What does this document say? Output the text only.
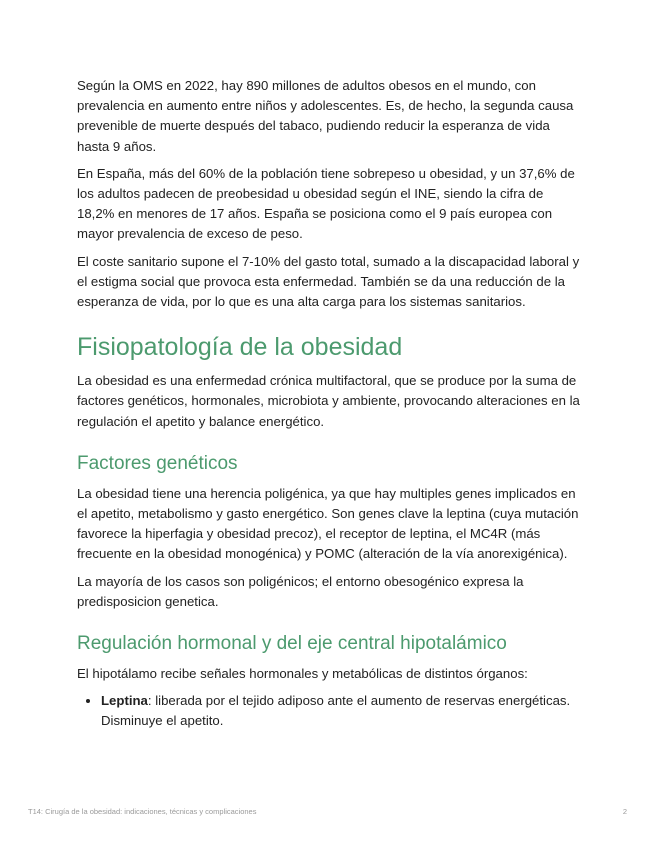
Según la OMS en 2022, hay 890 millones de adultos obesos en el mundo, con prevalencia en aumento entre niños y adolescentes. Es, de hecho, la segunda causa prevenible de muerte después del tabaco, pudiendo reducir la esperanza de vida hasta 9 años.

En España, más del 60% de la población tiene sobrepeso u obesidad, y un 37,6% de los adultos padecen de preobesidad u obesidad según el INE, siendo la cifra de 18,2% en menores de 17 años. España se posiciona como el 9 país europea con mayor prevalencia de exceso de peso.

El coste sanitario supone el 7-10% del gasto total, sumado a la discapacidad laboral y el estigma social que provoca esta enfermedad. También se da una reducción de la esperanza de vida, por lo que es una alta carga para los sistemas sanitarios.

Fisiopatología de la obesidad

La obesidad es una enfermedad crónica multifactoral, que se produce por la suma de factores genéticos, hormonales, microbiota y ambiente, provocando alteraciones en la regulación el apetito y balance energético.

Factores genéticos

La obesidad tiene una herencia poligénica, ya que hay multiples genes implicados en el apetito, metabolismo y gasto energético. Son genes clave la leptina (cuya mutación favorece la hiperfagia y obesidad precoz), el receptor de leptina, el MC4R (más frecuente en la obesidad monogénica) y POMC (alteración de la vía anorexigénica).

La mayoría de los casos son poligénicos; el entorno obesogénico expresa la predisposicion genetica.

Regulación hormonal y del eje central hipotalámico

El hipotálamo recibe señales hormonales y metabólicas de distintos órganos:

• Leptina: liberada por el tejido adiposo ante el aumento de reservas energéticas. Disminuye el apetito.
T14: Cirugía de la obesidad: indicaciones, técnicas y complicaciones	2
